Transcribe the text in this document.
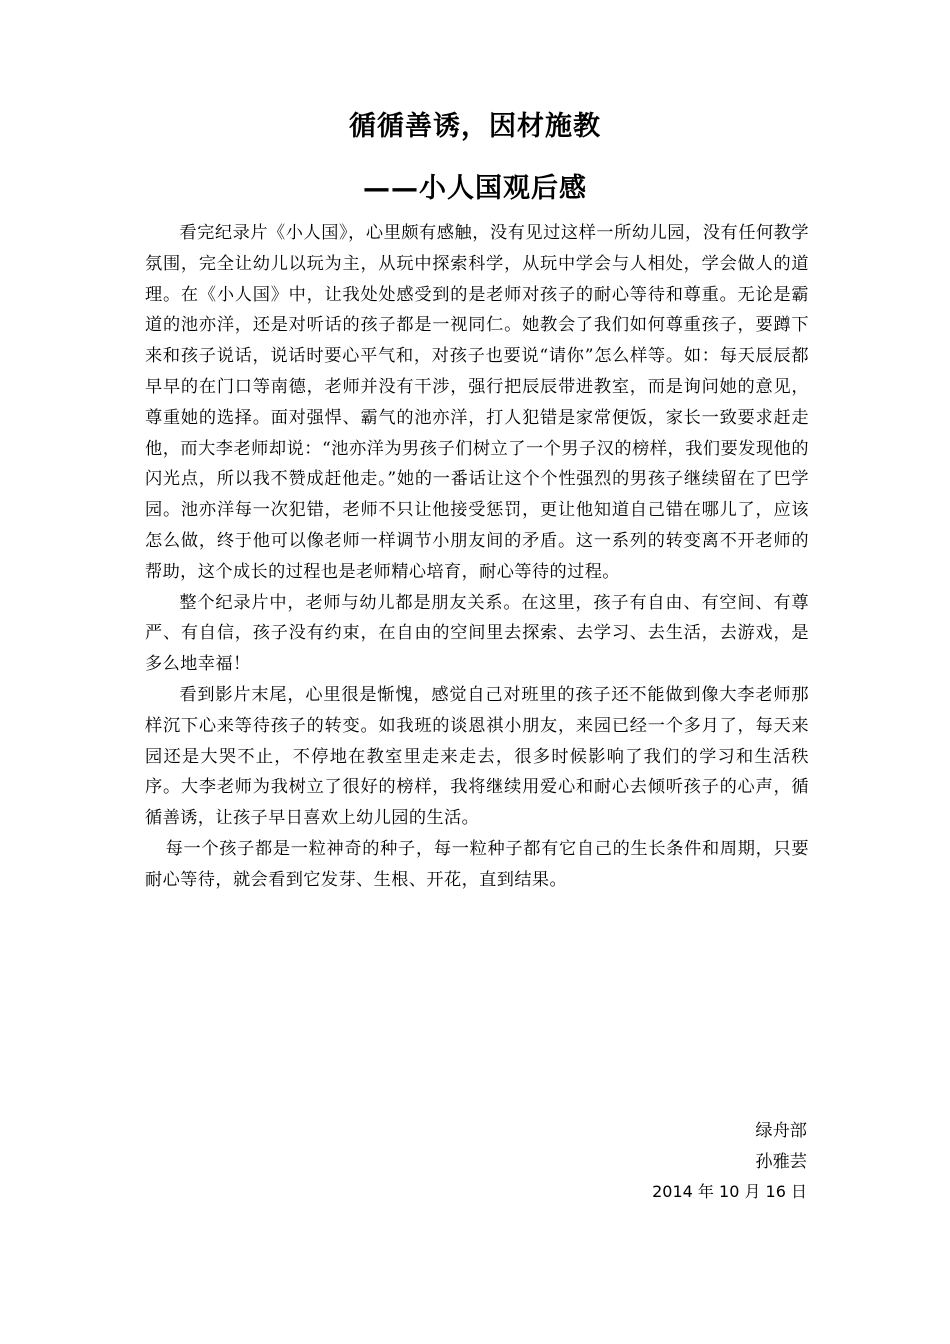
循循善诱，因材施教
——小人国观后感

看完纪录片《小人国》，心里颇有感触，没有见过这样一所幼儿园，没有任何教学氛围，完全让幼儿以玩为主，从玩中探索科学，从玩中学会与人相处，学会做人的道理。在《小人国》中，让我处处感受到的是老师对孩子的耐心等待和尊重。无论是霸道的池亦洋，还是对听话的孩子都是一视同仁。她教会了我们如何尊重孩子，要蹲下来和孩子说话，说话时要心平气和，对孩子也要说“请你”怎么样等。如：每天辰辰都早早的在门口等南德，老师并没有干涉，强行把辰辰带进教室，而是询问她的意见，尊重她的选择。面对强悍、霸气的池亦洋，打人犯错是家常便饭，家长一致要求赶走他，而大李老师却说：“池亦洋为男孩子们树立了一个男子汉的榜样，我们要发现他的闪光点，所以我不赞成赶他走。”她的一番话让这个个性强烈的男孩子继续留在了巴学园。池亦洋每一次犯错，老师不只让他接受惩罚，更让他知道自己错在哪儿了，应该怎么做，终于他可以像老师一样调节小朋友间的矛盾。这一系列的转变离不开老师的帮助，这个成长的过程也是老师精心培育，耐心等待的过程。

整个纪录片中，老师与幼儿都是朋友关系。在这里，孩子有自由、有空间、有尊严、有自信，孩子没有约束，在自由的空间里去探索、去学习、去生活，去游戏，是多么地幸福！

看到影片末尾，心里很是惭愧，感觉自己对班里的孩子还不能做到像大李老师那样沉下心来等待孩子的转变。如我班的谈恩祺小朋友，来园已经一个多月了，每天来园还是大哭不止，不停地在教室里走来走去，很多时候影响了我们的学习和生活秩序。大李老师为我树立了很好的榜样，我将继续用爱心和耐心去倾听孩子的心声，循循善诱，让孩子早日喜欢上幼儿园的生活。

每一个孩子都是一粒神奇的种子，每一粒种子都有它自己的生长条件和周期，只要耐心等待，就会看到它发芽、生根、开花，直到结果。

绿舟部
孙雅芸
2014 年 10 月 16 日
